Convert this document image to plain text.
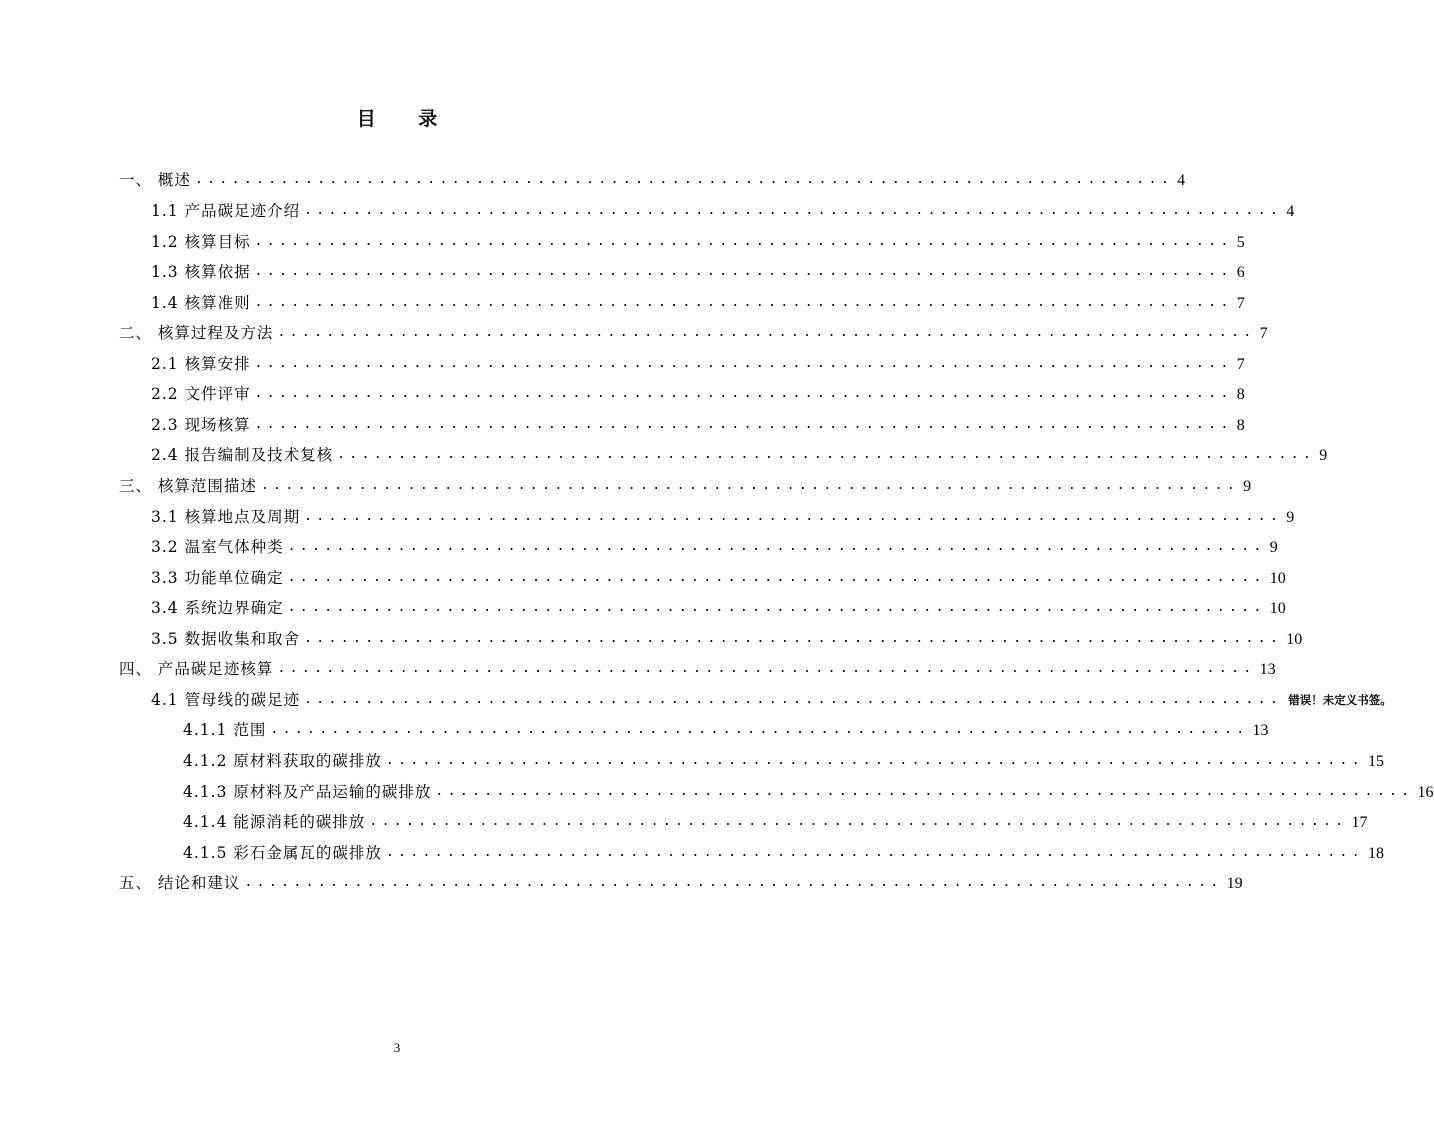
目 录
一、 概述 ................................................................................ 4
1.1 产品碳足迹介绍 ................................................................................ 4
1.2 核算目标 ................................................................................ 5
1.3 核算依据 ................................................................................ 6
1.4 核算准则 ................................................................................ 7
二、 核算过程及方法 ................................................................................ 7
2.1 核算安排 ................................................................................ 7
2.2 文件评审 ................................................................................ 8
2.3 现场核算 ................................................................................ 8
2.4 报告编制及技术复核 ................................................................................ 9
三、 核算范围描述 ................................................................................ 9
3.1 核算地点及周期 ................................................................................ 9
3.2 温室气体种类 ................................................................................ 9
3.3 功能单位确定 ................................................................................ 10
3.4 系统边界确定 ................................................................................ 10
3.5 数据收集和取舍 ................................................................................ 10
四、 产品碳足迹核算 ................................................................................ 13
4.1 管母线的碳足迹 ................................................................................ 错误！未定义书签。
4.1.1 范围 ................................................................................ 13
4.1.2 原材料获取的碳排放 ................................................................................ 15
4.1.3 原材料及产品运输的碳排放 ................................................................................ 16
4.1.4 能源消耗的碳排放 ................................................................................ 17
4.1.5 彩石金属瓦的碳排放 ................................................................................ 18
五、 结论和建议 ................................................................................ 19
3
